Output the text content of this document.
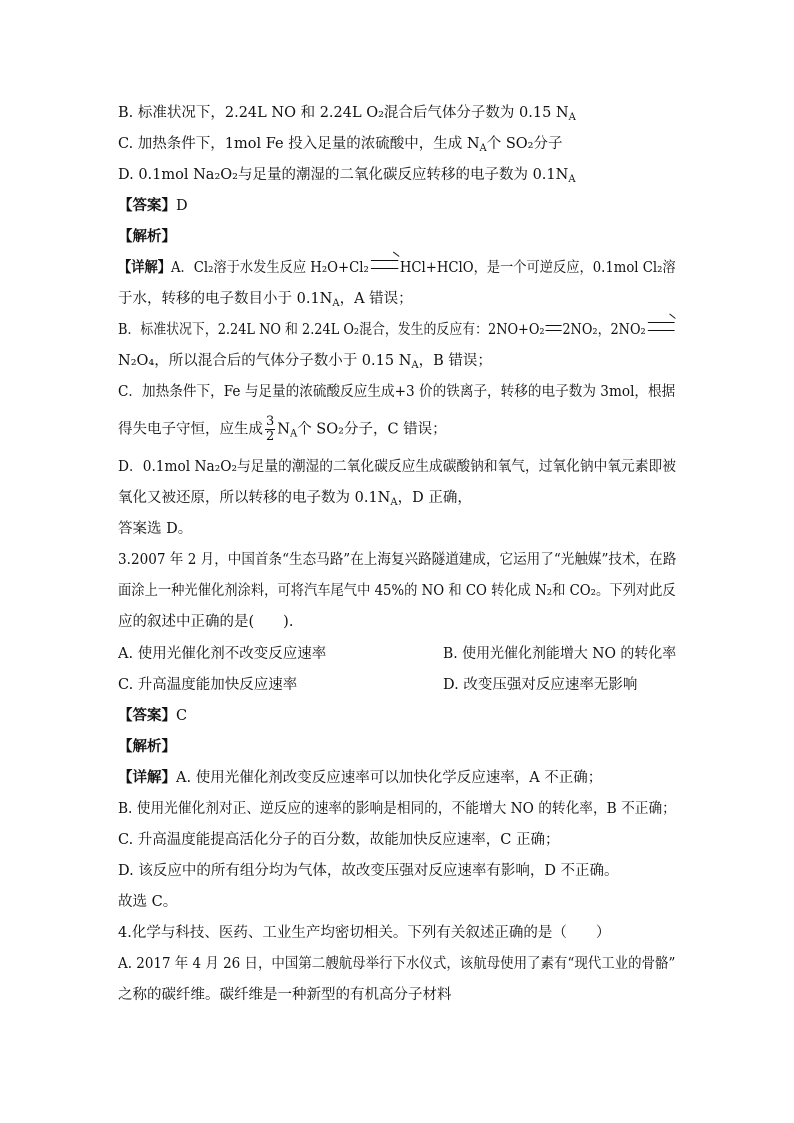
B. 标准状况下，2.24L NO 和 2.24L O₂混合后气体分子数为 0.15 $N_A$
C. 加热条件下，1mol Fe 投入足量的浓硫酸中，生成 $N_A$个 SO₂分子
D. 0.1mol Na₂O₂与足量的潮湿的二氧化碳反应转移的电子数为 $0.1N_A$
【答案】D
【解析】
【详解】A．Cl₂溶于水发生反应 H₂O+Cl₂ HCl+HClO，是一个可逆反应，0.1mol Cl₂溶
于水，转移的电子数目小于 $0.1N_A$，A 错误；
B．标准状况下，2.24L NO 和 2.24L O₂混合，发生的反应有：2NO+O₂ 2NO₂，2NO₂
N₂O₄，所以混合后的气体分子数小于 0.15 $N_A$，B 错误；
C．加热条件下，Fe 与足量的浓硫酸反应生成+3 价的铁离子，转移的电子数为 3mol，根据
得失电子守恒，应生成 $\frac{3}{2} N_A$个 SO₂分子，C 错误；
D．0.1mol Na₂O₂与足量的潮湿的二氧化碳反应生成碳酸钠和氧气，过氧化钠中氧元素即被
氧化又被还原，所以转移的电子数为 $0.1N_A$，D 正确，
答案选 D。
3.2007 年 2 月，中国首条“生态马路”在上海复兴路隧道建成，它运用了“光触媒”技术，在路
面涂上一种光催化剂涂料，可将汽车尾气中 45%的 NO 和 CO 转化成 N₂和 CO₂。下列对此反
应的叙述中正确的是(　　).
A. 使用光催化剂不改变反应速率	B. 使用光催化剂能增大 NO 的转化率
C. 升高温度能加快反应速率	D. 改变压强对反应速率无影响
【答案】C
【解析】
【详解】A. 使用光催化剂改变反应速率可以加快化学反应速率，A 不正确；
B. 使用光催化剂对正、逆反应的速率的影响是相同的，不能增大 NO 的转化率，B 不正确；
C. 升高温度能提高活化分子的百分数，故能加快反应速率，C 正确；
D. 该反应中的所有组分均为气体，故改变压强对反应速率有影响，D 不正确。
故选 C。
4.化学与科技、医药、工业生产均密切相关。下列有关叙述正确的是（　　）
A. 2017 年 4 月 26 日，中国第二艘航母举行下水仪式，该航母使用了素有“现代工业的骨骼”
之称的碳纤维。碳纤维是一种新型的有机高分子材料
